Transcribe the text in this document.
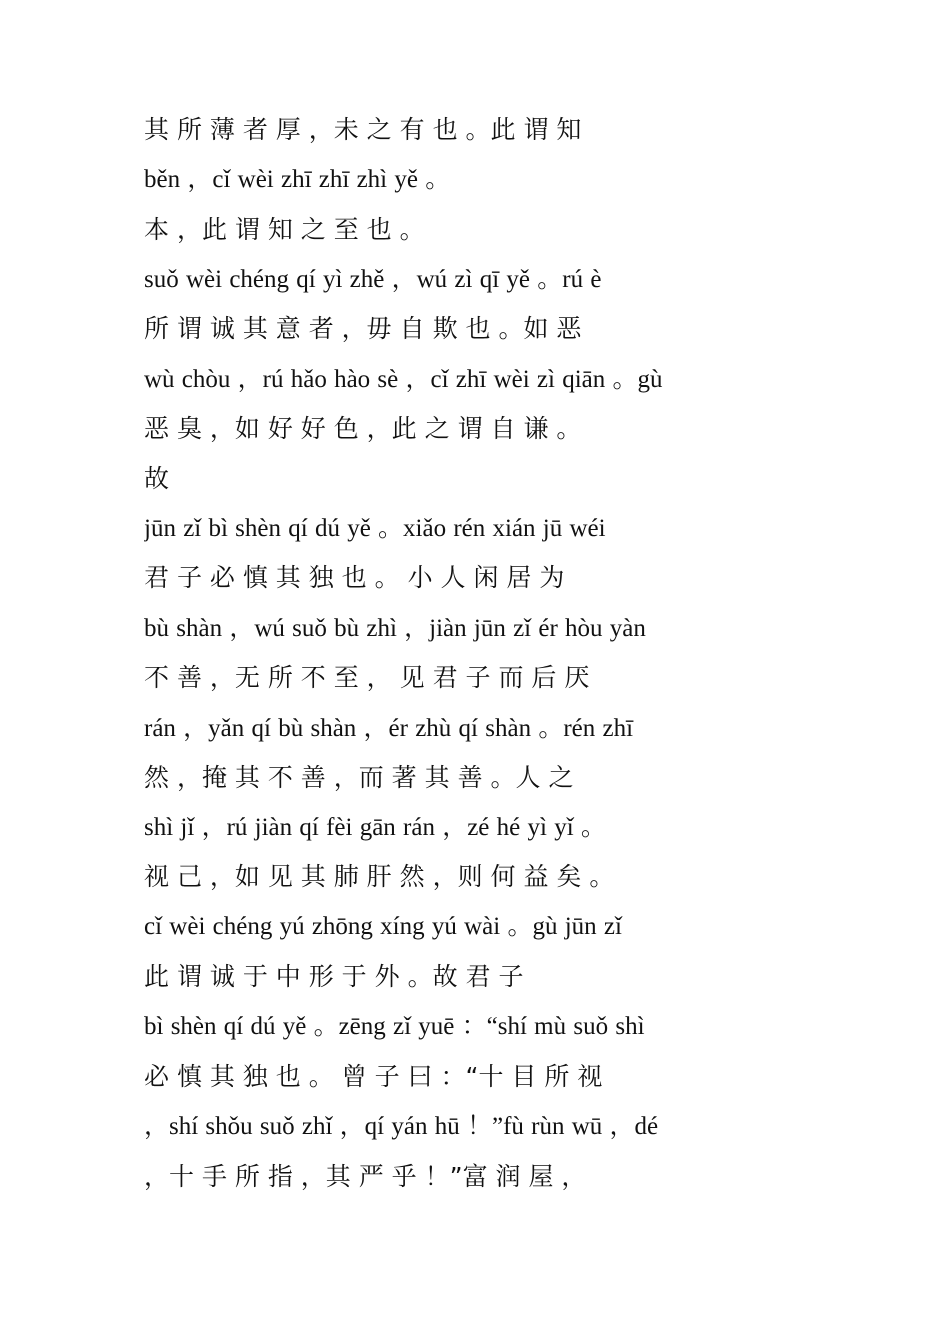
其 所 薄 者 厚 ，未 之 有 也 。此 谓 知
běn ，cǐ wèi zhī zhī zhì yě 。
本 ，此 谓 知 之 至 也 。
suǒ wèi chéng qí yì zhě ，wú zì qī yě 。rú è
所 谓 诚 其 意 者 ，毋 自 欺 也 。如 恶
wù chòu ，rú hǎo hào sè ，cǐ zhī wèi zì qiān 。gù
恶 臭 ，如 好 好 色 ，此 之 谓 自 谦 。
故
jūn zǐ bì shèn qí dú yě 。xiǎo rén xián jū wéi
君 子 必 慎 其 独 也 。 小 人 闲 居 为
bù shàn ，wú suǒ bù zhì ，jiàn jūn zǐ ér hòu yàn
不 善 ，无 所 不 至 ， 见 君 子 而 后 厌
rán ，yǎn qí bù shàn ，ér zhù qí shàn 。rén zhī
然 ，掩 其 不 善 ，而 著 其 善 。人 之
shì jǐ ，rú jiàn qí fèi gān rán ，zé hé yì yǐ 。
视 己 ，如 见 其 肺 肝 然 ，则 何 益 矣 。
cǐ wèi chéng yú zhōng xíng yú wài 。gù jūn zǐ
此 谓 诚 于 中 形 于 外 。故 君 子
bì shèn qí dú yě 。zēng zǐ yuē ：“shí mù suǒ shì
必 慎 其 独 也 。 曾 子 曰 ：“十 目 所 视
，shí shǒu suǒ zhǐ ，qí yán hū ！”fù rùn wū ，dé
，十 手 所 指 ，其 严 乎 ！”富 润 屋 ，
